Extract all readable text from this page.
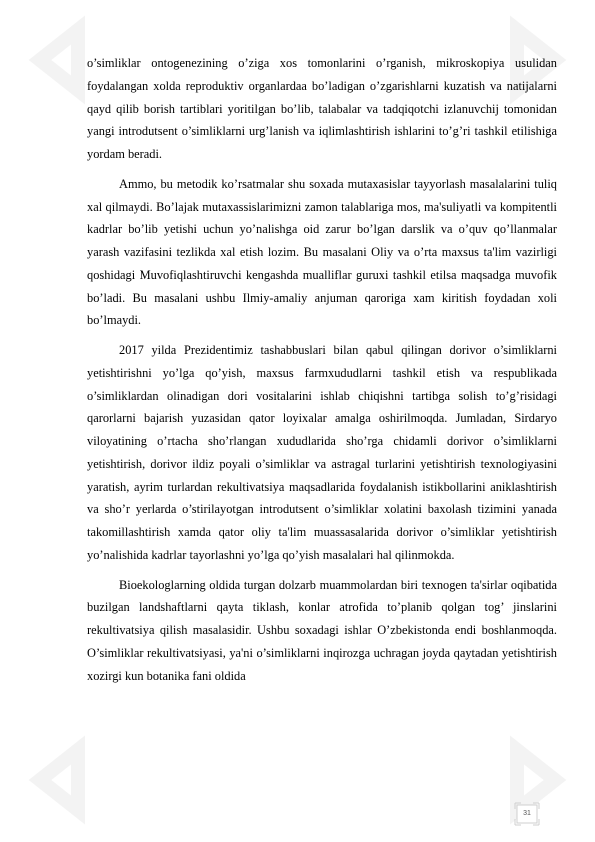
o’simliklar ontogenezining o’ziga xos tomonlarini o’rganish, mikroskopiya usulidan foydalangan xolda reproduktiv organlardaa bo’ladigan o’zgarishlarni kuzatish va natijalarni qayd qilib borish tartiblari yoritilgan bo’lib, talabalar va tadqiqotchi izlanuvchij tomonidan yangi introdutsent o’simliklarni urg’lanish va iqlimlashtirish ishlarini to’g’ri tashkil etilishiga yordam beradi.

Ammo, bu metodik ko’rsatmalar shu soxada mutaxasislar tayyorlash masalalarini tuliq xal qilmaydi. Bo’lajak mutaxassislarimizni zamon talablariga mos, ma'suliyatli va kompitentli kadrlar bo’lib yetishi uchun yo’nalishga oid zarur bo’lgan darslik va o’quv qo’llanmalar yarash vazifasini tezlikda xal etish lozim. Bu masalani Oliy va o’rta maxsus ta'lim vazirligi qoshidagi Muvofiqlashtiruvchi kengashda mualliflar guruxi tashkil etilsa maqsadga muvofik bo’ladi. Bu masalani ushbu Ilmiy-amaliy anjuman qaroriga xam kiritish foydadan xoli bo’lmaydi.

2017 yilda Prezidentimiz tashabbuslari bilan qabul qilingan dorivor o’simliklarni yetishtirishni yo’lga qo’yish, maxsus farmxududlarni tashkil etish va respublikada o’simliklardan olinadigan dori vositalarini ishlab chiqishni tartibga solish to’g’risidagi qarorlarni bajarish yuzasidan qator loyixalar amalga oshirilmoqda. Jumladan, Sirdaryo viloyatining o’rtacha sho’rlangan xududlarida sho’rga chidamli dorivor o’simliklarni yetishtirish, dorivor ildiz poyali o’simliklar va astragal turlarini yetishtirish texnologiyasini yaratish, ayrim turlardan rekultivatsiya maqsadlarida foydalanish istikbollarini aniklashtirish va sho’r yerlarda o’stirilayotgan introdutsent o’simliklar xolatini baxolash tizimini yanada takomillashtirish xamda qator oliy ta'lim muassasalarida dorivor o’simliklar yetishtirish yo’nalishida kadrlar tayorlashni yo’lga qo’yish masalalari hal qilinmokda.

Bioekologlarning oldida turgan dolzarb muammolardan biri texnogen ta'sirlar oqibatida buzilgan landshaftlarni qayta tiklash, konlar atrofida to’planib qolgan tog’ jinslarini rekultivatsiya qilish masalasidir. Ushbu soxadagi ishlar O’zbekistonda endi boshlanmoqda. O’simliklar rekultivatsiyasi, ya'ni o’simliklarni inqirozga uchragan joyda qaytadan yetishtirish xozirgi kun botanika fani oldida

31
